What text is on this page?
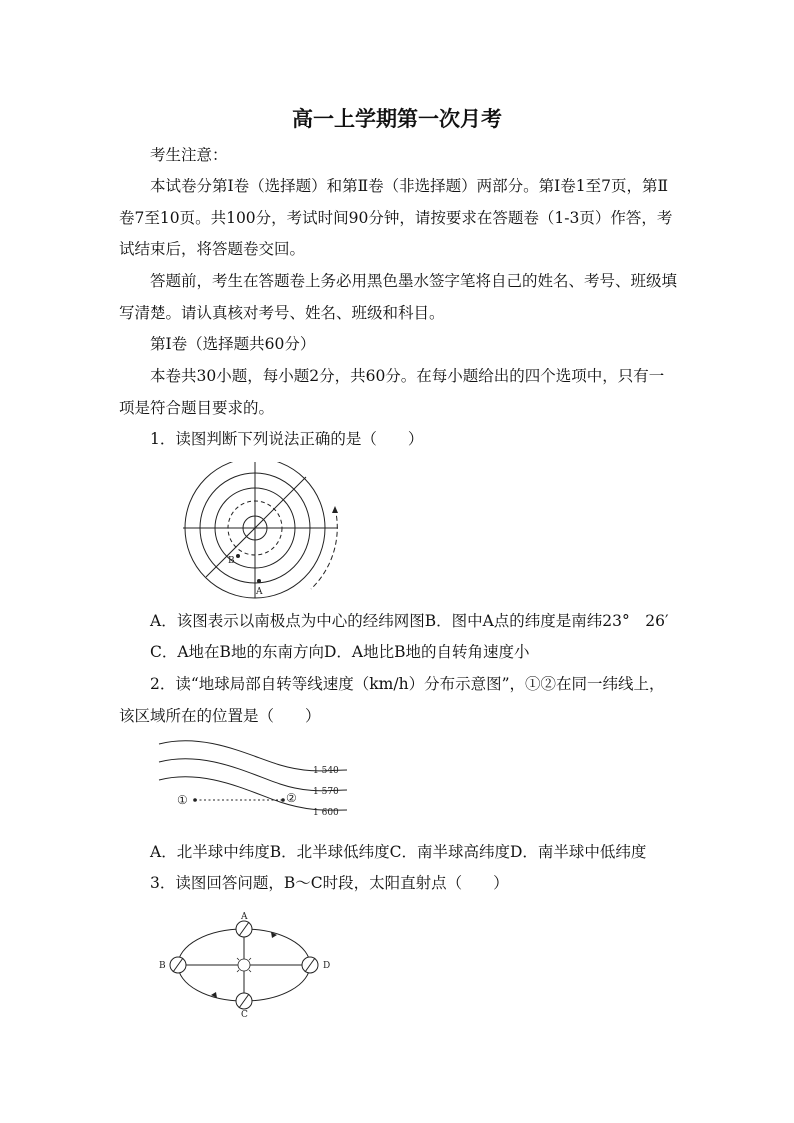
高一上学期第一次月考

考生注意：

本试卷分第Ⅰ卷（选择题）和第Ⅱ卷（非选择题）两部分。第Ⅰ卷1至7页，第Ⅱ卷7至10页。共100分，考试时间90分钟，请按要求在答题卷（1-3页）作答，考试结束后，将答题卷交回。

答题前，考生在答题卷上务必用黑色墨水签字笔将自己的姓名、考号、班级填写清楚。请认真核对考号、姓名、班级和科目。

第Ⅰ卷（选择题共60分）

本卷共30小题，每小题2分，共60分。在每小题给出的四个选项中，只有一项是符合题目要求的。

1．读图判断下列说法正确的是（　　）

B
A
A．该图表示以南极点为中心的经纬网图B．图中A点的纬度是南纬23°　26′
C．A地在B地的东南方向D．A地比B地的自转角速度小

2．读“地球局部自转等线速度（km/h）分布示意图”，①②在同一纬线上，该区域所在的位置是（　　）

1 540
1 570
1 600
①	②
A．北半球中纬度B．北半球低纬度C．南半球高纬度D．南半球中低纬度

3．读图回答问题，B～C时段，太阳直射点（　　）

A
B
C
D
